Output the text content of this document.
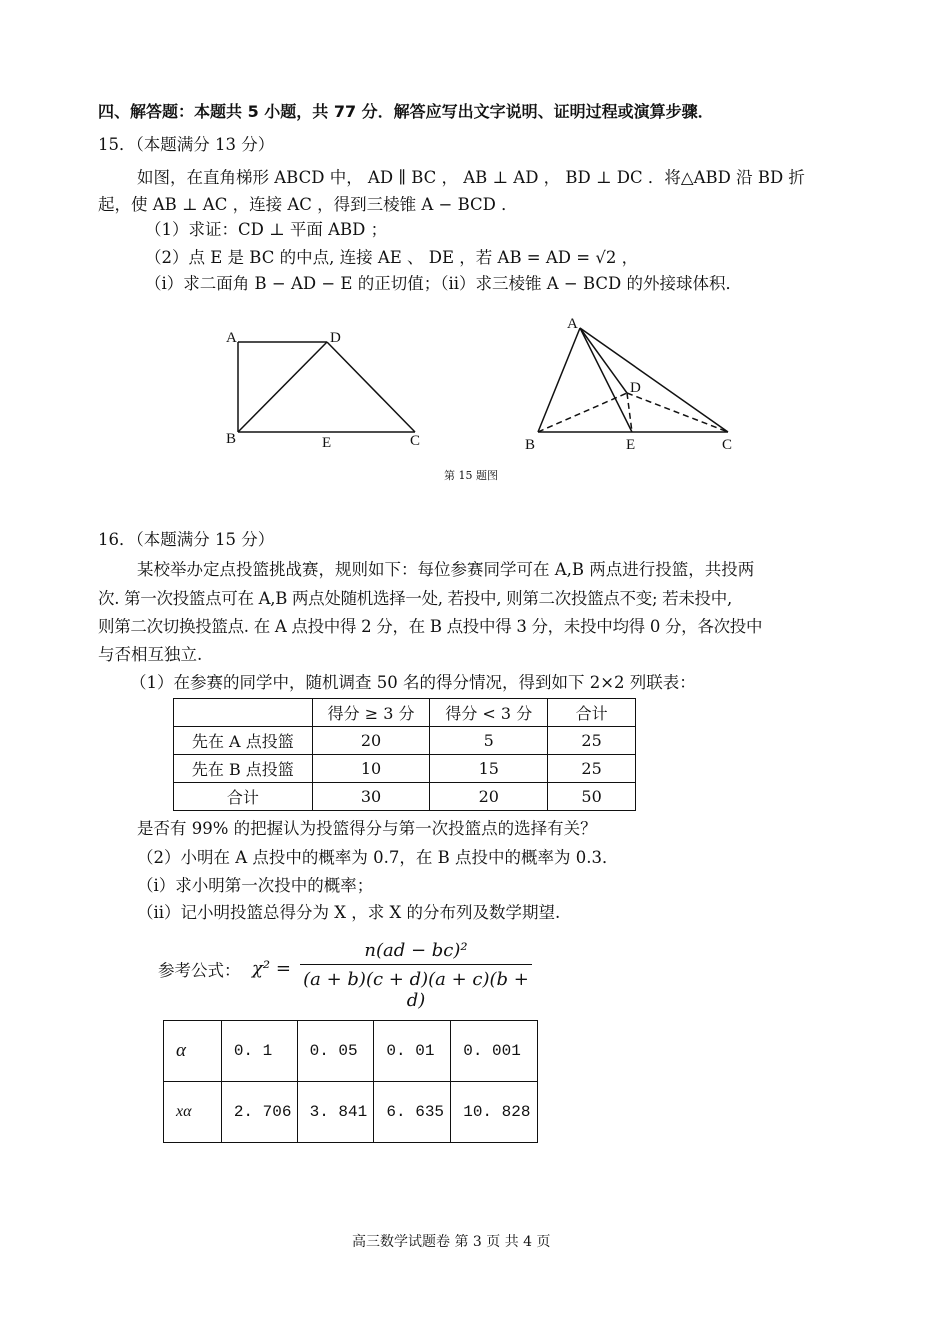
四、解答题：本题共 5 小题，共 77 分．解答应写出文字说明、证明过程或演算步骤．
15．（本题满分 13 分）
如图，在直角梯形 ABCD 中， AD ∥ BC ， AB ⊥ AD ， BD ⊥ DC ．将△ABD 沿 BD 折
起，使 AB ⊥ AC ，连接 AC ，得到三棱锥 A − BCD ．
（1）求证：CD ⊥ 平面 ABD ；
（2）点 E 是 BC 的中点, 连接 AE 、 DE ，若 AB = AD = √2 ，
（i）求二面角 B − AD − E 的正切值；（ii）求三棱锥 A − BCD 的外接球体积．
A	D
B	E	C
A
D
B	E	C
第 15 题图
16．（本题满分 15 分）
某校举办定点投篮挑战赛，规则如下：每位参赛同学可在 A,B 两点进行投篮，共投两
次. 第一次投篮点可在 A,B 两点处随机选择一处, 若投中, 则第二次投篮点不变; 若未投中,
则第二次切换投篮点. 在 A 点投中得 2 分，在 B 点投中得 3 分，未投中均得 0 分，各次投中
与否相互独立.
（1）在参赛的同学中，随机调查 50 名的得分情况，得到如下 2×2 列联表：
	得分 ≥ 3 分	得分 < 3 分	合计
先在 A 点投篮	20	5	25
先在 B 点投篮	10	15	25
合计	30	20	50
是否有 99% 的把握认为投篮得分与第一次投篮点的选择有关？
（2）小明在 A 点投中的概率为 0.7，在 B 点投中的概率为 0.3．
（i）求小明第一次投中的概率；
（ii）记小明投篮总得分为 X ，求 X 的分布列及数学期望.
参考公式： $\chi^2 = \frac{\text{n(ad − bc)²}}{(a + b)(c + d)(a + c)(b + d)}$
α	0. 1	0. 05	0. 01	0. 001
xα	2. 706	3. 841	6. 635	10. 828
高三数学试题卷 第 3 页 共 4 页
